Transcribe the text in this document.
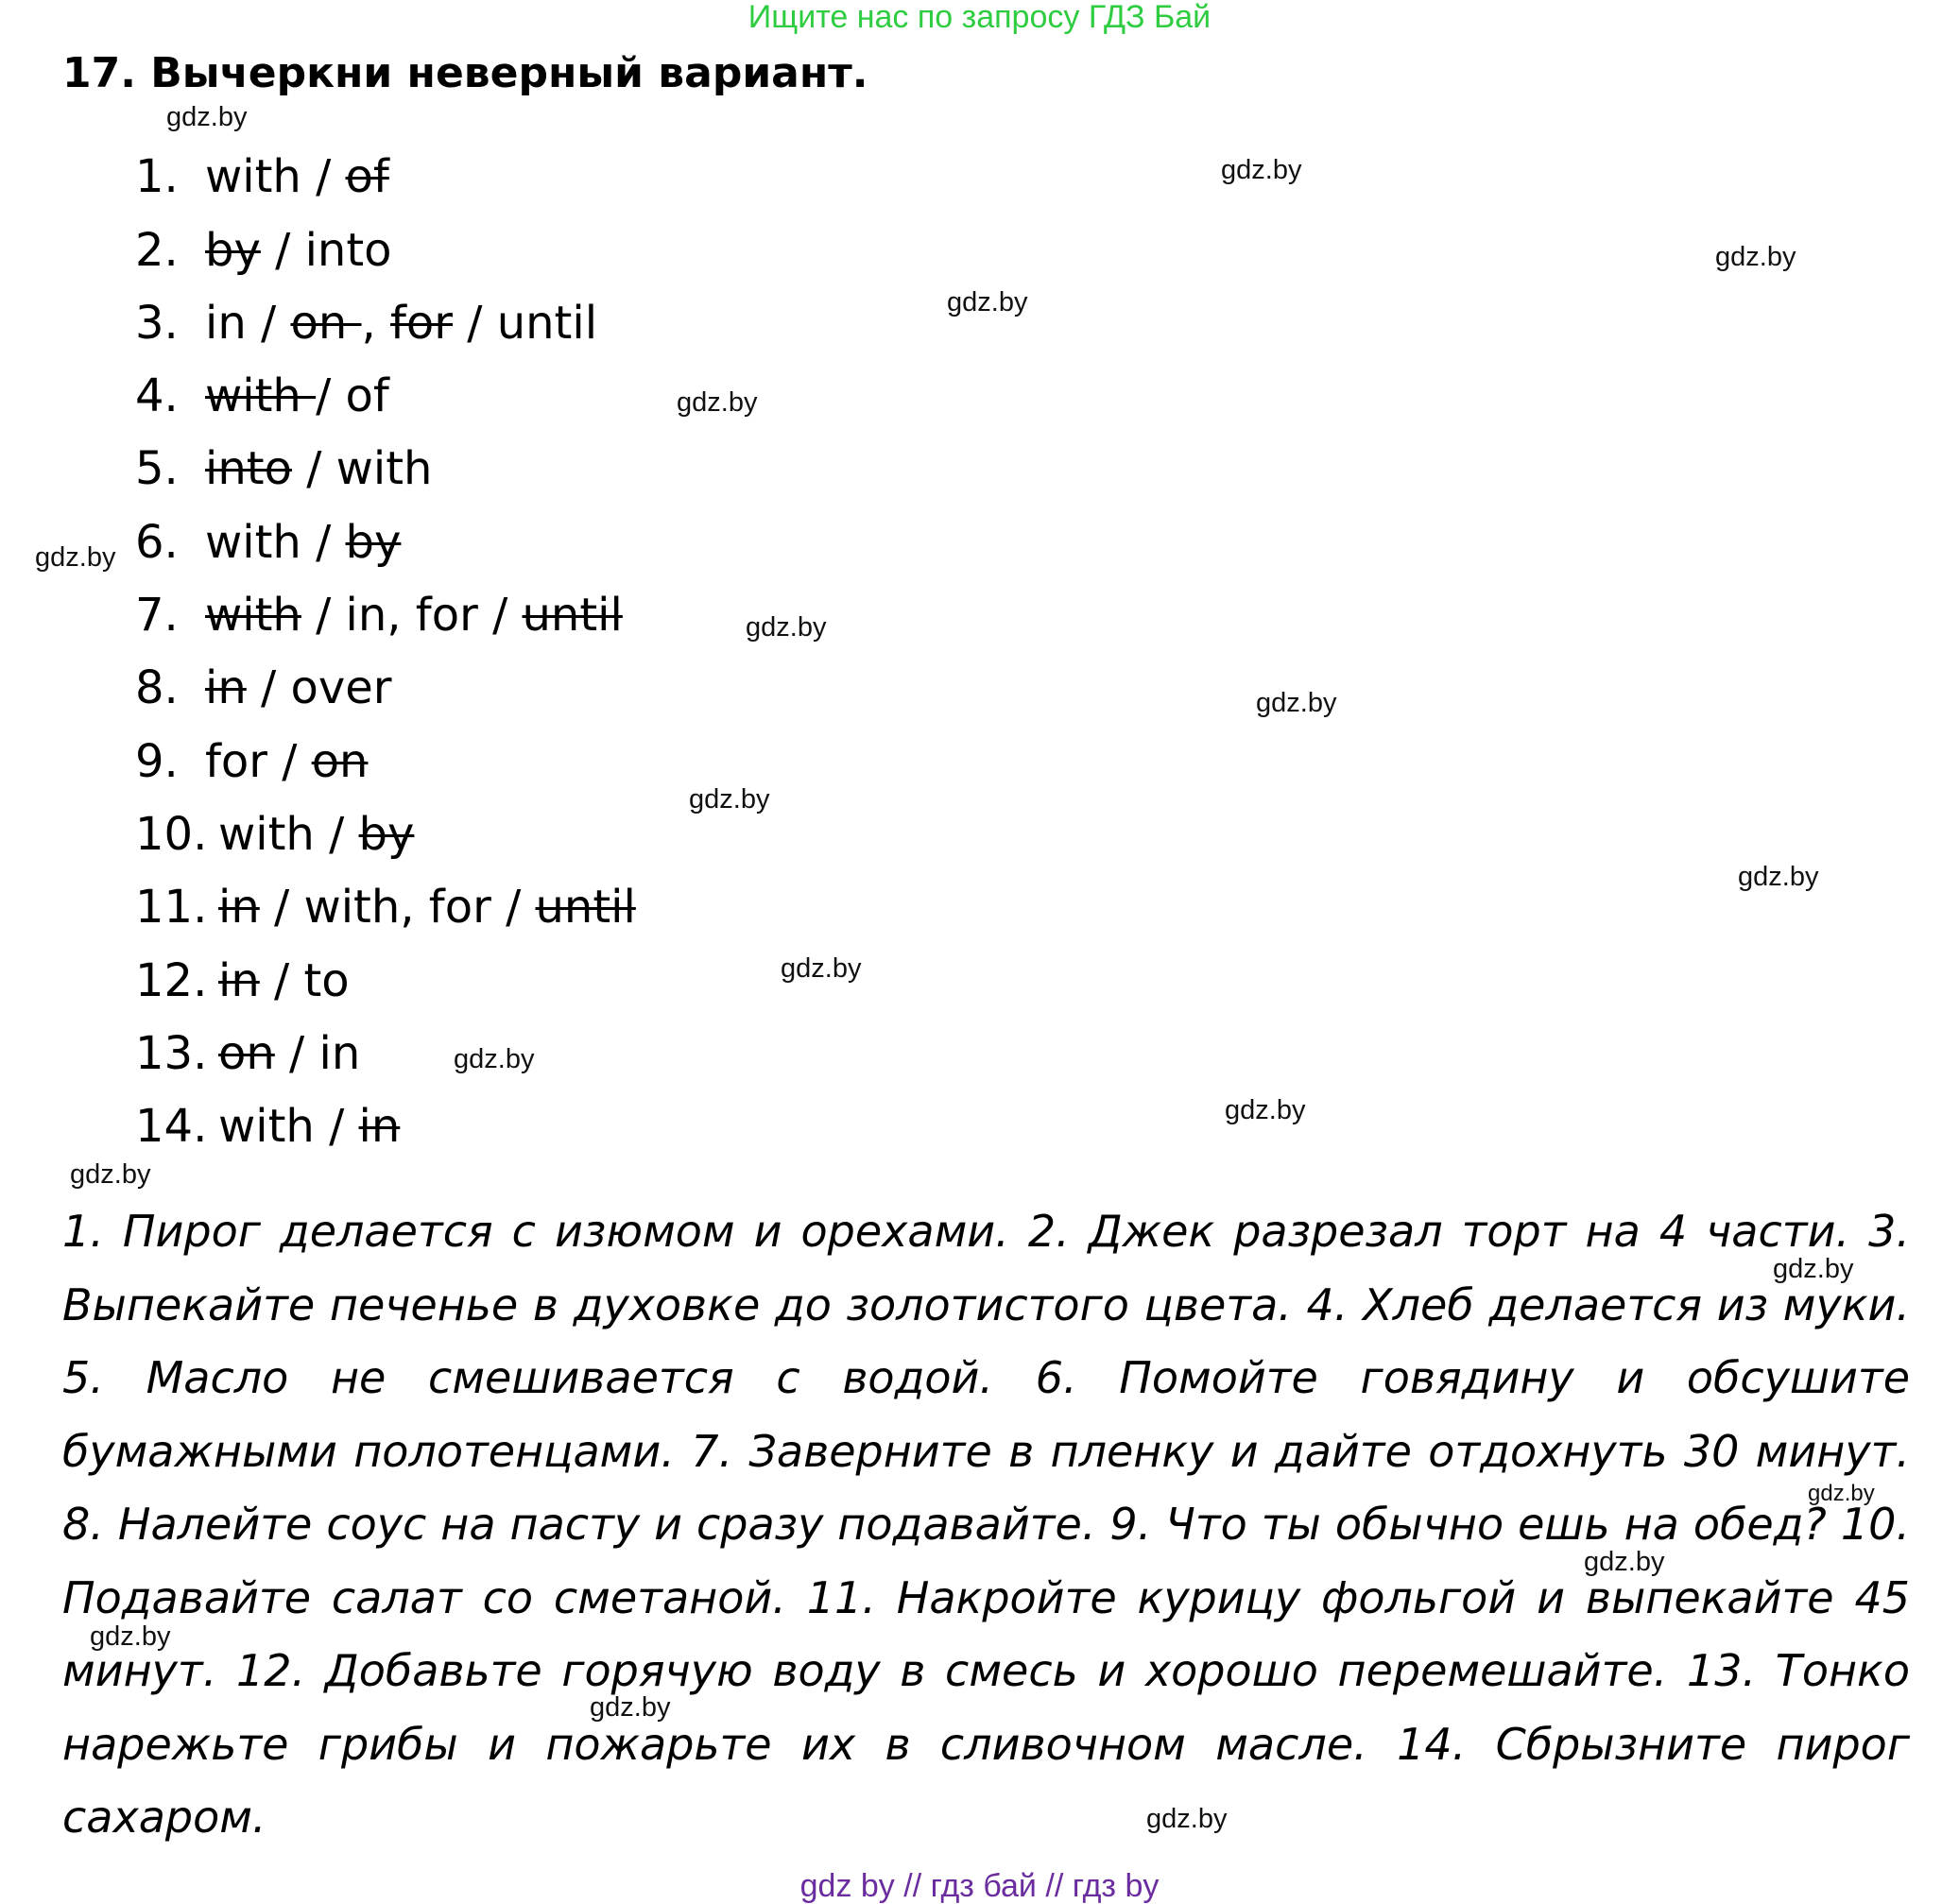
Ищите нас по запросу ГДЗ Бай
17. Вычеркни неверный вариант.
1. with / of
2. by / into
3. in / on , for / until
4. with / of
5. into / with
6. with / by
7. with / in, for / until
8. in / over
9. for / on
10. with / by
11. in / with, for / until
12. in / to
13. on / in
14. with / in
1. Пирог делается с изюмом и орехами. 2. Джек разрезал торт на 4 части. 3. Выпекайте печенье в духовке до золотистого цвета. 4. Хлеб делается из муки. 5. Масло не смешивается с водой. 6. Помойте говядину и обсушите бумажными полотенцами. 7. Заверните в пленку и дайте отдохнуть 30 минут. 8. Налейте соус на пасту и сразу подавайте. 9. Что ты обычно ешь на обед? 10. Подавайте салат со сметаной. 11. Накройте курицу фольгой и выпекайте 45 минут. 12. Добавьте горячую воду в смесь и хорошо перемешайте. 13. Тонко нарежьте грибы и пожарьте их в сливочном масле. 14. Сбрызните пирог сахаром.
gdz.by
gdz.by
gdz.by
gdz.by
gdz.by
gdz.by
gdz.by
gdz.by
gdz.by
gdz.by
gdz.by
gdz.by
gdz.by
gdz.by
gdz.by
gdz.by
gdz.by
gdz.by
gdz.by
gdz.by
gdz by // гдз бай // гдз by
